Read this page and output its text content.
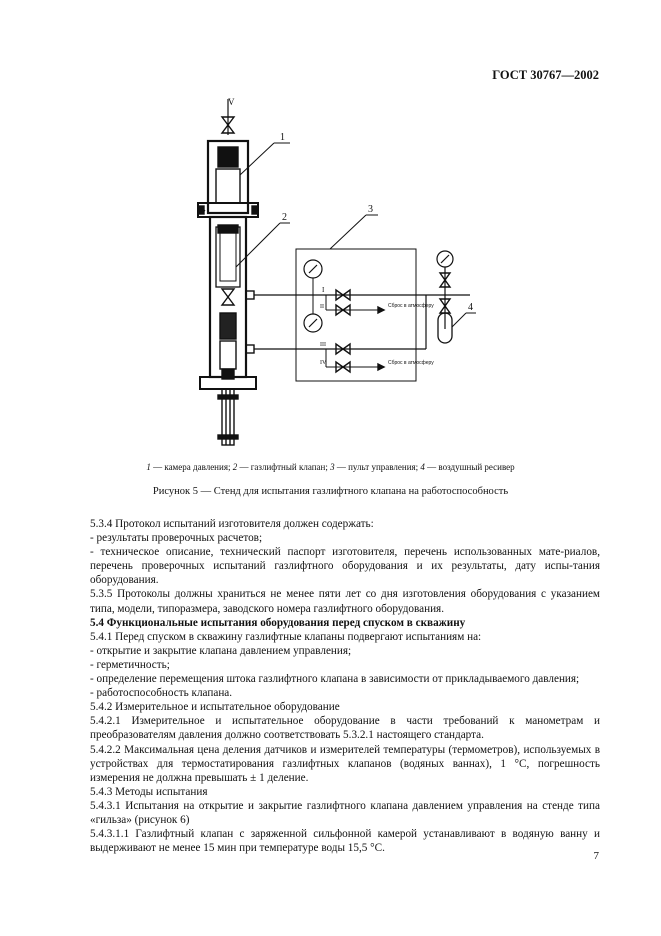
ГОСТ 30767—2002
V
1
2
3
I
II	Сброс в атмосферу
III
IV	Сброс в атмосферу
4
1 — камера давления; 2 — газлифтный клапан; 3 — пульт управления; 4 — воздушный ресивер
Рисунок 5 — Стенд для испытания газлифтного клапана на работоспособность

5.3.4 Протокол испытаний изготовителя должен содержать:

- результаты проверочных расчетов;

- техническое описание, технический паспорт изготовителя, перечень использованных мате-риалов, перечень проверочных испытаний газлифтного оборудования и их результаты, дату испы-тания оборудования.

5.3.5 Протоколы должны храниться не менее пяти лет со дня изготовления оборудования с указанием типа, модели, типоразмера, заводского номера газлифтного оборудования.

5.4 Функциональные испытания оборудования перед спуском в скважину

5.4.1 Перед спуском в скважину газлифтные клапаны подвергают испытаниям на:

- открытие и закрытие клапана давлением управления;

- герметичность;

- определение перемещения штока газлифтного клапана в зависимости от прикладываемого давления;

- работоспособность клапана.

5.4.2 Измерительное и испытательное оборудование

5.4.2.1 Измерительное и испытательное оборудование в части требований к манометрам и преобразователям давления должно соответствовать 5.3.2.1 настоящего стандарта.

5.4.2.2 Максимальная цена деления датчиков и измерителей температуры (термометров), используемых в устройствах для термостатирования газлифтных клапанов (водяных ваннах), 1 °С, погрешность измерения не должна превышать ± 1 деление.

5.4.3 Методы испытания

5.4.3.1 Испытания на открытие и закрытие газлифтного клапана давлением управления на стенде типа «гильза» (рисунок 6)

5.4.3.1.1 Газлифтный клапан с заряженной сильфонной камерой устанавливают в водяную ванну и выдерживают не менее 15 мин при температуре воды 15,5 °С.

7
